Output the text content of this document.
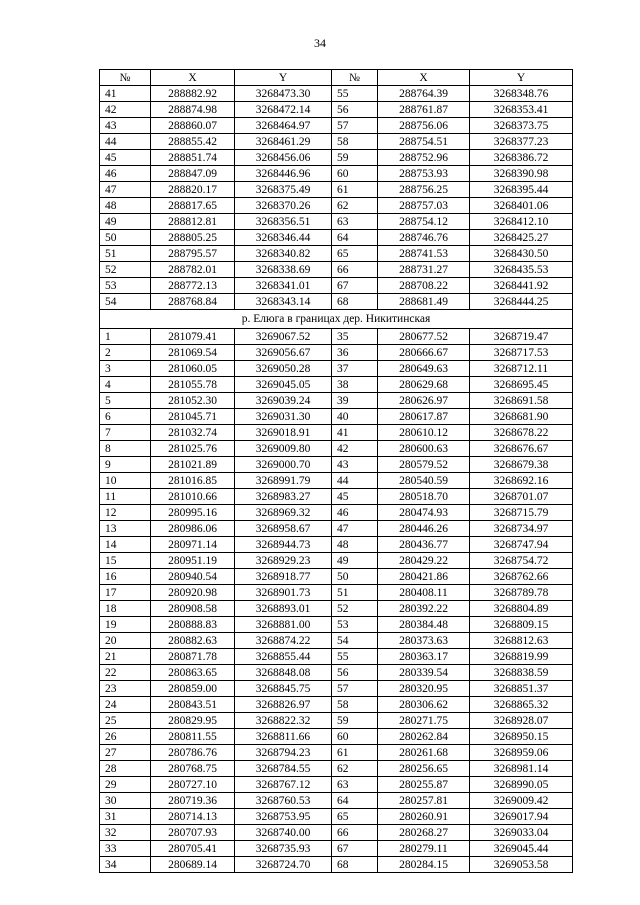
34
№	X	Y	№	X	Y
41	288882.92	3268473.30	55	288764.39	3268348.76
42	288874.98	3268472.14	56	288761.87	3268353.41
43	288860.07	3268464.97	57	288756.06	3268373.75
44	288855.42	3268461.29	58	288754.51	3268377.23
45	288851.74	3268456.06	59	288752.96	3268386.72
46	288847.09	3268446.96	60	288753.93	3268390.98
47	288820.17	3268375.49	61	288756.25	3268395.44
48	288817.65	3268370.26	62	288757.03	3268401.06
49	288812.81	3268356.51	63	288754.12	3268412.10
50	288805.25	3268346.44	64	288746.76	3268425.27
51	288795.57	3268340.82	65	288741.53	3268430.50
52	288782.01	3268338.69	66	288731.27	3268435.53
53	288772.13	3268341.01	67	288708.22	3268441.92
54	288768.84	3268343.14	68	288681.49	3268444.25
р. Елюга в границах дер. Никитинская					
1	281079.41	3269067.52	35	280677.52	3268719.47
2	281069.54	3269056.67	36	280666.67	3268717.53
3	281060.05	3269050.28	37	280649.63	3268712.11
4	281055.78	3269045.05	38	280629.68	3268695.45
5	281052.30	3269039.24	39	280626.97	3268691.58
6	281045.71	3269031.30	40	280617.87	3268681.90
7	281032.74	3269018.91	41	280610.12	3268678.22
8	281025.76	3269009.80	42	280600.63	3268676.67
9	281021.89	3269000.70	43	280579.52	3268679.38
10	281016.85	3268991.79	44	280540.59	3268692.16
11	281010.66	3268983.27	45	280518.70	3268701.07
12	280995.16	3268969.32	46	280474.93	3268715.79
13	280986.06	3268958.67	47	280446.26	3268734.97
14	280971.14	3268944.73	48	280436.77	3268747.94
15	280951.19	3268929.23	49	280429.22	3268754.72
16	280940.54	3268918.77	50	280421.86	3268762.66
17	280920.98	3268901.73	51	280408.11	3268789.78
18	280908.58	3268893.01	52	280392.22	3268804.89
19	280888.83	3268881.00	53	280384.48	3268809.15
20	280882.63	3268874.22	54	280373.63	3268812.63
21	280871.78	3268855.44	55	280363.17	3268819.99
22	280863.65	3268848.08	56	280339.54	3268838.59
23	280859.00	3268845.75	57	280320.95	3268851.37
24	280843.51	3268826.97	58	280306.62	3268865.32
25	280829.95	3268822.32	59	280271.75	3268928.07
26	280811.55	3268811.66	60	280262.84	3268950.15
27	280786.76	3268794.23	61	280261.68	3268959.06
28	280768.75	3268784.55	62	280256.65	3268981.14
29	280727.10	3268767.12	63	280255.87	3268990.05
30	280719.36	3268760.53	64	280257.81	3269009.42
31	280714.13	3268753.95	65	280260.91	3269017.94
32	280707.93	3268740.00	66	280268.27	3269033.04
33	280705.41	3268735.93	67	280279.11	3269045.44
34	280689.14	3268724.70	68	280284.15	3269053.58
